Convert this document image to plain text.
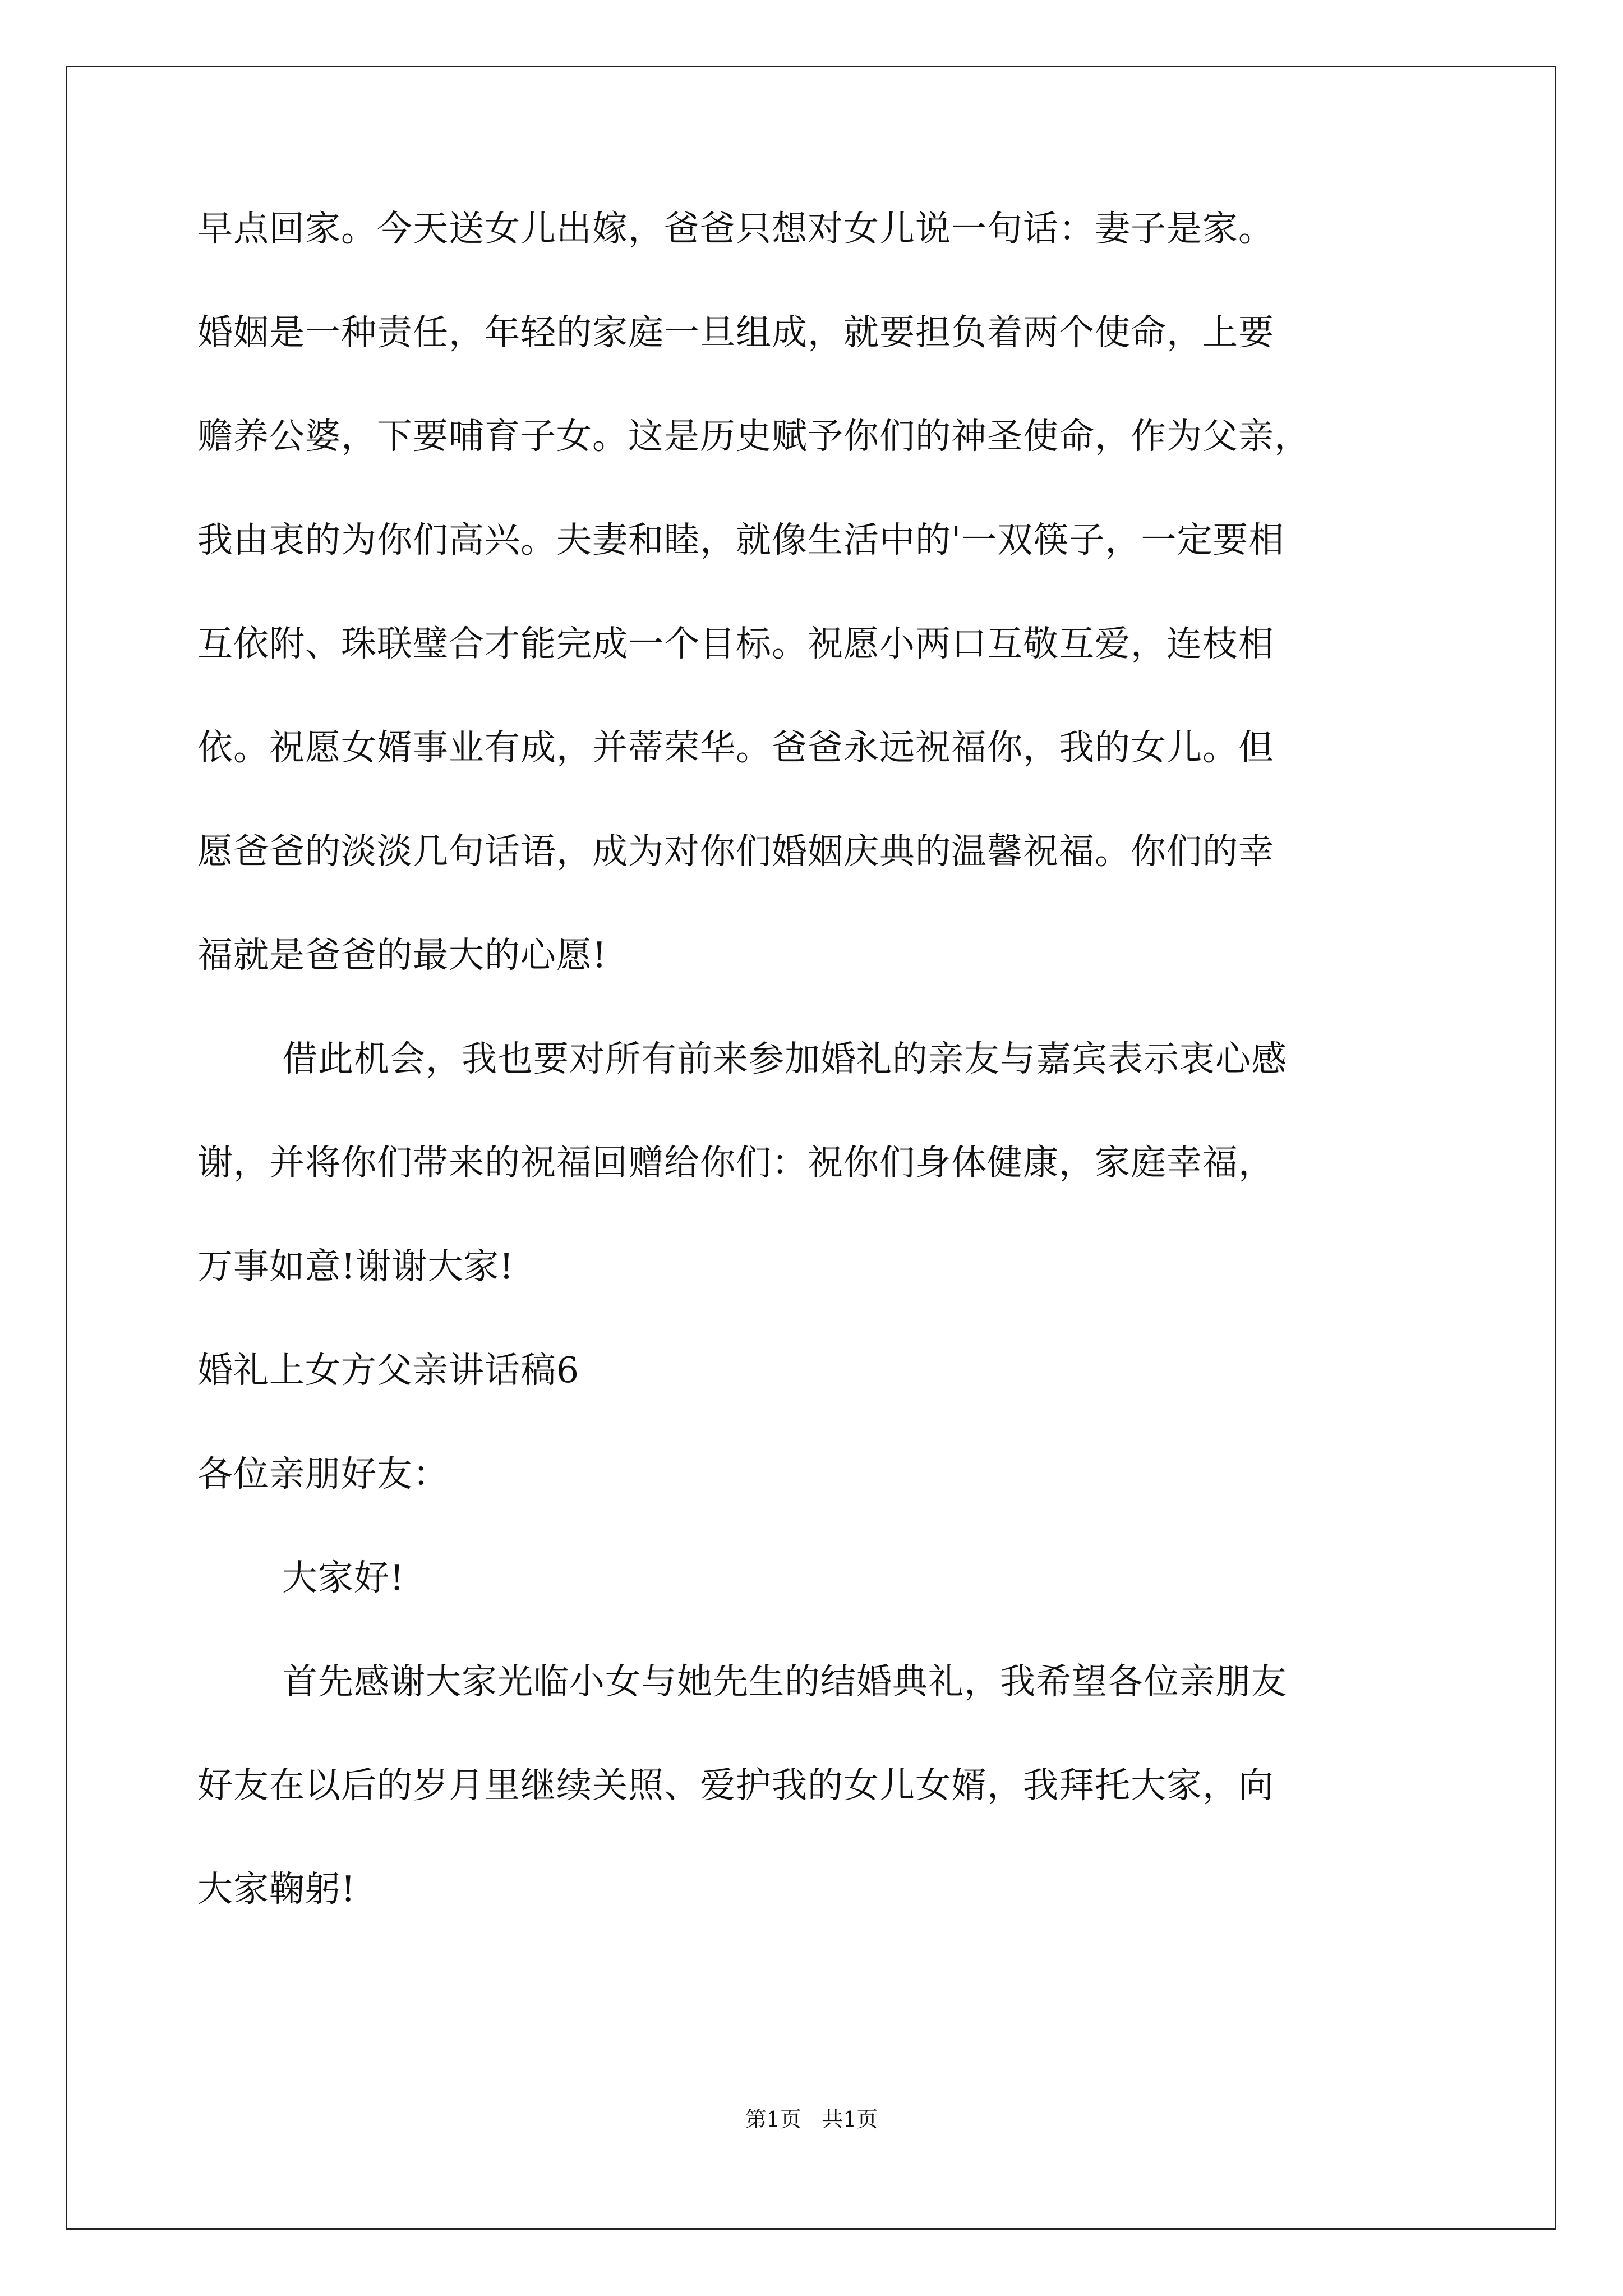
早点回家。今天送女儿出嫁，爸爸只想对女儿说一句话：妻子是家。
婚姻是一种责任，年轻的家庭一旦组成，就要担负着两个使命，上要
赡养公婆，下要哺育子女。这是历史赋予你们的神圣使命，作为父亲，
我由衷的为你们高兴。夫妻和睦，就像生活中的'一双筷子，一定要相
互依附、珠联璧合才能完成一个目标。祝愿小两口互敬互爱，连枝相
依。祝愿女婿事业有成，并蒂荣华。爸爸永远祝福你，我的女儿。但
愿爸爸的淡淡几句话语，成为对你们婚姻庆典的温馨祝福。你们的幸
福就是爸爸的最大的心愿!
借此机会，我也要对所有前来参加婚礼的亲友与嘉宾表示衷心感
谢，并将你们带来的祝福回赠给你们：祝你们身体健康，家庭幸福，
万事如意!谢谢大家!
婚礼上女方父亲讲话稿6
各位亲朋好友：
大家好!
首先感谢大家光临小女与她先生的结婚典礼，我希望各位亲朋友
好友在以后的岁月里继续关照、爱护我的女儿女婿，我拜托大家，向
大家鞠躬!
第1页   共1页
